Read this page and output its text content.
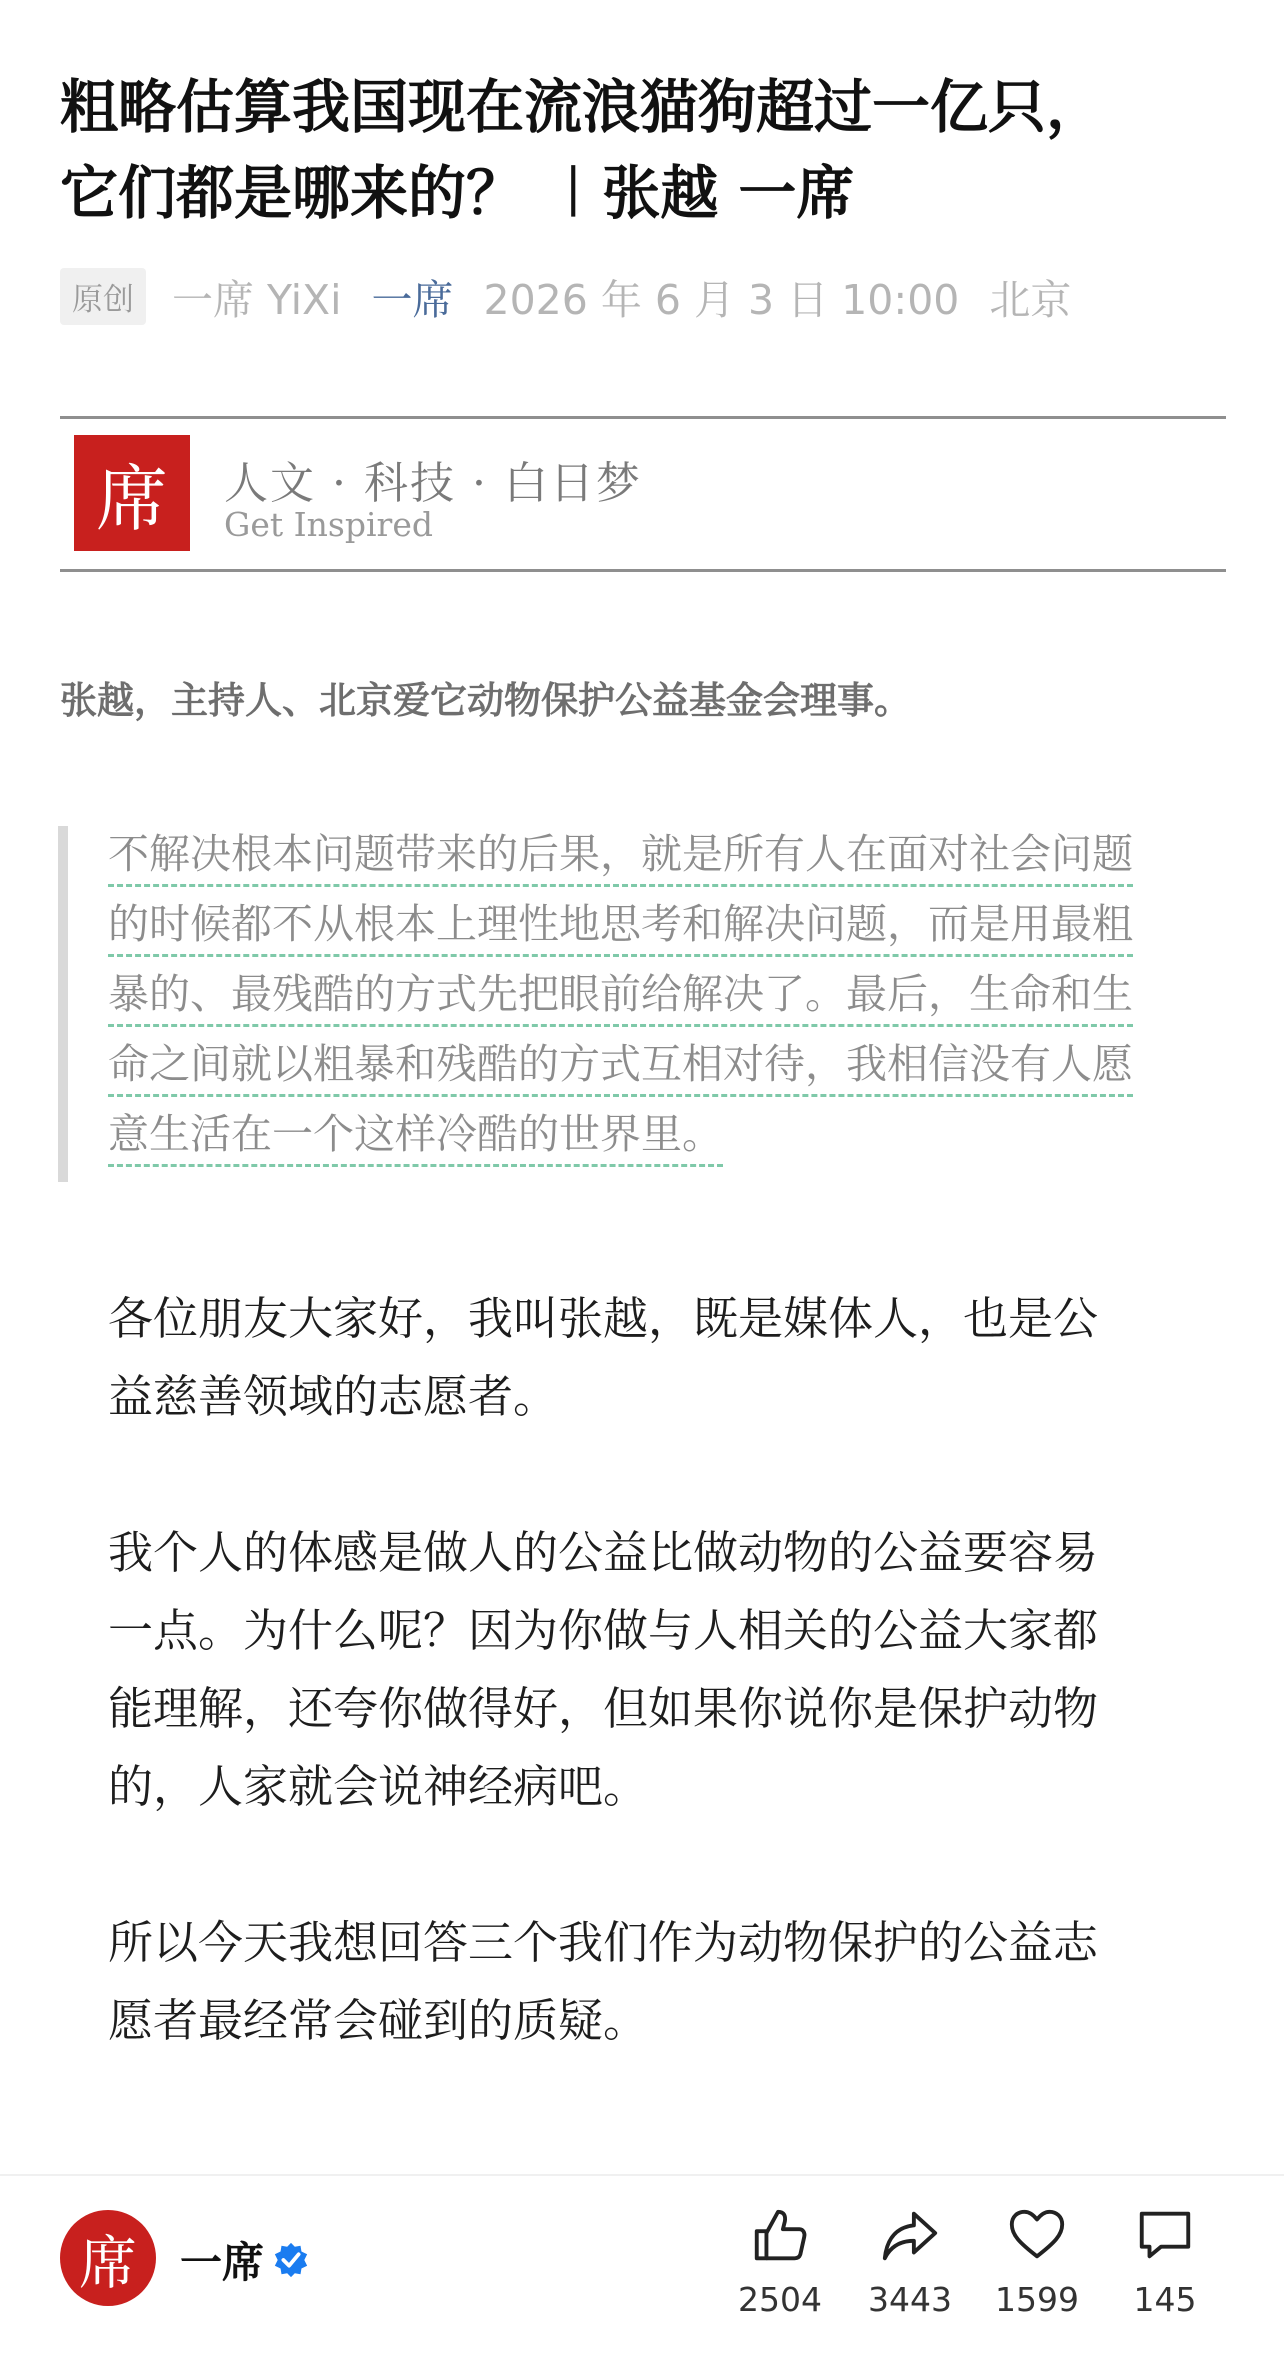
粗略估算我国现在流浪猫狗超过一亿只，
它们都是哪来的？ ︱张越 一席
原创 一席 YiXi 一席 2026 年 6 月 3 日 10:00 北京
席	人文 · 科技 · 白日梦
Get Inspired
张越，主持人、北京爱它动物保护公益基金会理事。
不解决根本问题带来的后果，就是所有人在面对社会问题
的时候都不从根本上理性地思考和解决问题，而是用最粗
暴的、最残酷的方式先把眼前给解决了。最后，生命和生
命之间就以粗暴和残酷的方式互相对待，我相信没有人愿
意生活在一个这样冷酷的世界里。
各位朋友大家好，我叫张越，既是媒体人，也是公
益慈善领域的志愿者。
我个人的体感是做人的公益比做动物的公益要容易
一点。为什么呢？因为你做与人相关的公益大家都
能理解，还夸你做得好，但如果你说你是保护动物
的，人家就会说神经病吧。
所以今天我想回答三个我们作为动物保护的公益志
愿者最经常会碰到的质疑。
席	一席
2504	3443	1599	145
